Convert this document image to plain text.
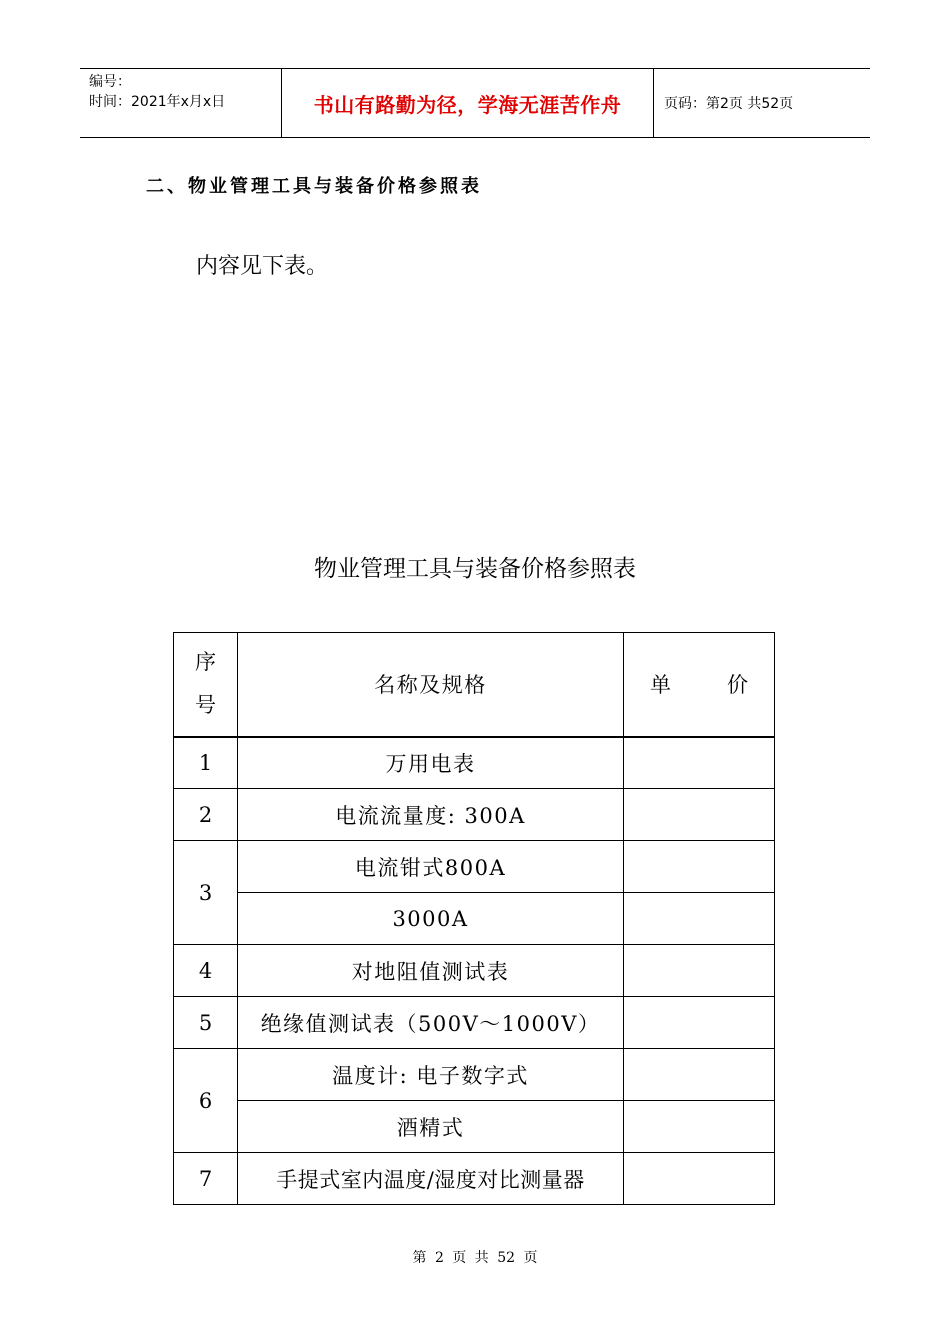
编号：
时间：2021年x月x日	书山有路勤为径，学海无涯苦作舟	页码：第2页 共52页
二、物业管理工具与装备价格参照表
内容见下表。
物业管理工具与装备价格参照表
序
号	名称及规格	单 价

1	万用电表	
2	电流流量度: 300A	
3	电流钳式800A	
	3000A	
4	对地阻值测试表	
5	绝缘值测试表（500V～1000V）	
6	温度计: 电子数字式	
	酒精式	
7	手提式室内温度/湿度对比测量器	
第 2 页 共 52 页
